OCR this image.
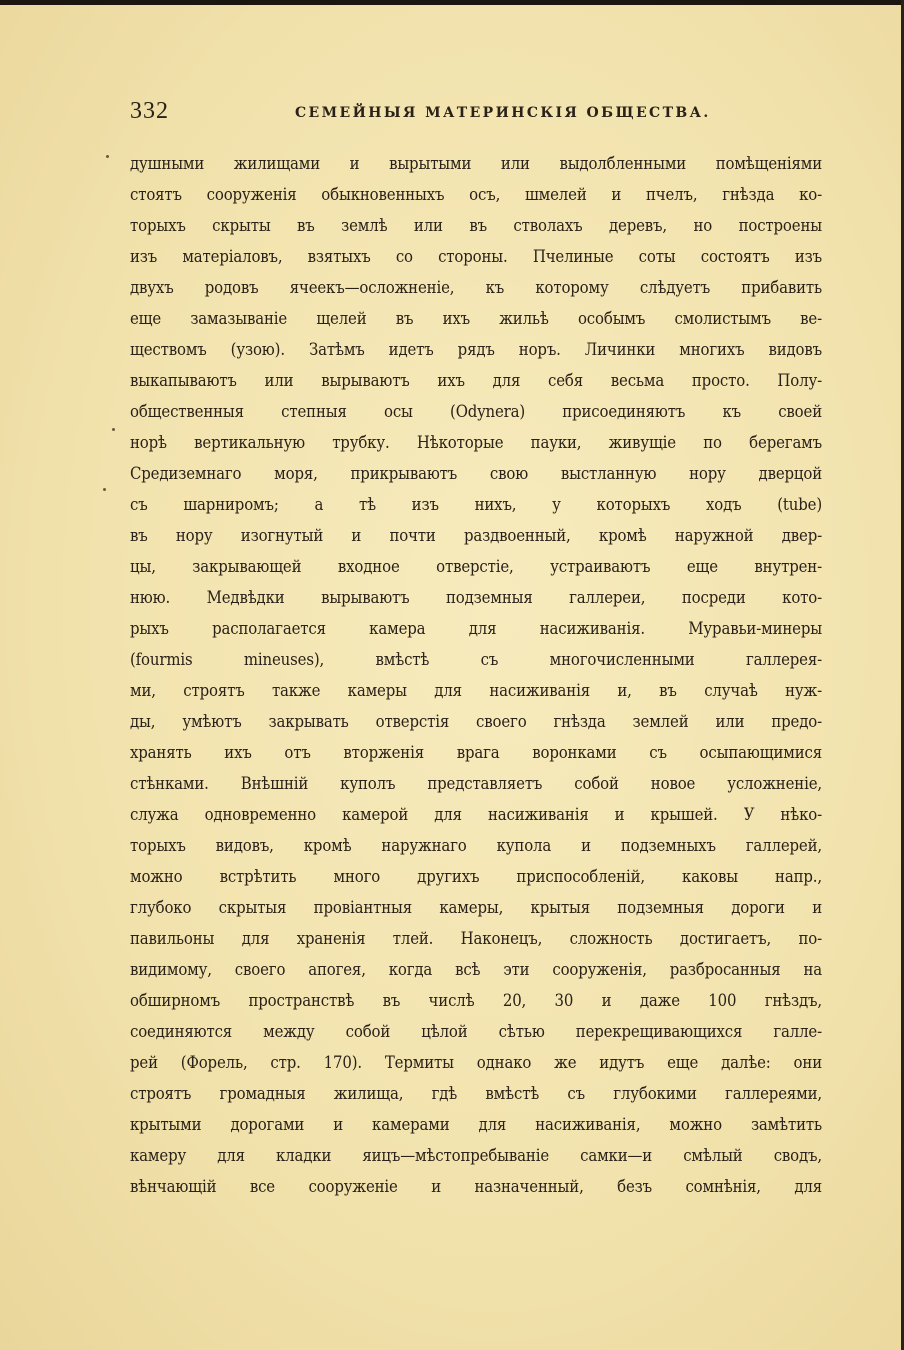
332	СЕМЕЙНЫЯ МАТЕРИНСКІЯ ОБЩЕСТВА.
душными жилищами и вырытыми или выдолбленными помѣщеніями
стоятъ сооруженія обыкновенныхъ осъ, шмелей и пчелъ, гнѣзда ко-
торыхъ скрыты въ землѣ или въ стволахъ деревъ, но построены
изъ матеріаловъ, взятыхъ со стороны. Пчелиные соты состоятъ изъ
двухъ родовъ ячеекъ—осложненіе, къ которому слѣдуетъ прибавить
еще замазываніе щелей въ ихъ жильѣ особымъ смолистымъ ве-
ществомъ (узою). Затѣмъ идетъ рядъ норъ. Личинки многихъ видовъ
выкапываютъ или вырываютъ ихъ для себя весьма просто. Полу-
общественныя степныя осы (Odynera) присоединяютъ къ своей
норѣ вертикальную трубку. Нѣкоторые пауки, живущіе по берегамъ
Средиземнаго моря, прикрываютъ свою выстланную нору дверцой
съ шарниромъ; а тѣ изъ нихъ, у которыхъ ходъ (tube)
въ нору изогнутый и почти раздвоенный, кромѣ наружной двер-
цы, закрывающей входное отверстіе, устраиваютъ еще внутрен-
нюю. Медвѣдки вырываютъ подземныя галлереи, посреди кото-
рыхъ располагается камера для насиживанія. Муравьи-минеры
(fourmis mineuses), вмѣстѣ съ многочисленными галлерея-
ми, строятъ также камеры для насиживанія и, въ случаѣ нуж-
ды, умѣютъ закрывать отверстія своего гнѣзда землей или предо-
хранять ихъ отъ вторженія врага воронками съ осыпающимися
стѣнками. Внѣшній куполъ представляетъ собой новое усложненіе,
служа одновременно камерой для насиживанія и крышей. У нѣко-
торыхъ видовъ, кромѣ наружнаго купола и подземныхъ галлерей,
можно встрѣтить много другихъ приспособленій, каковы напр.,
глубоко скрытыя провіантныя камеры, крытыя подземныя дороги и
павильоны для храненія тлей. Наконецъ, сложность достигаетъ, по-
видимому, своего апогея, когда всѣ эти сооруженія, разбросанныя на
обширномъ пространствѣ въ числѣ 20, 30 и даже 100 гнѣздъ,
соединяются между собой цѣлой сѣтью перекрещивающихся галле-
рей (Форель, стр. 170). Термиты однако же идутъ еще далѣе: они
строятъ громадныя жилища, гдѣ вмѣстѣ съ глубокими галлереями,
крытыми дорогами и камерами для насиживанія, можно замѣтить
камеру для кладки яицъ—мѣстопребываніе самки—и смѣлый сводъ,
вѣнчающій все сооруженіе и назначенный, безъ сомнѣнія, для
